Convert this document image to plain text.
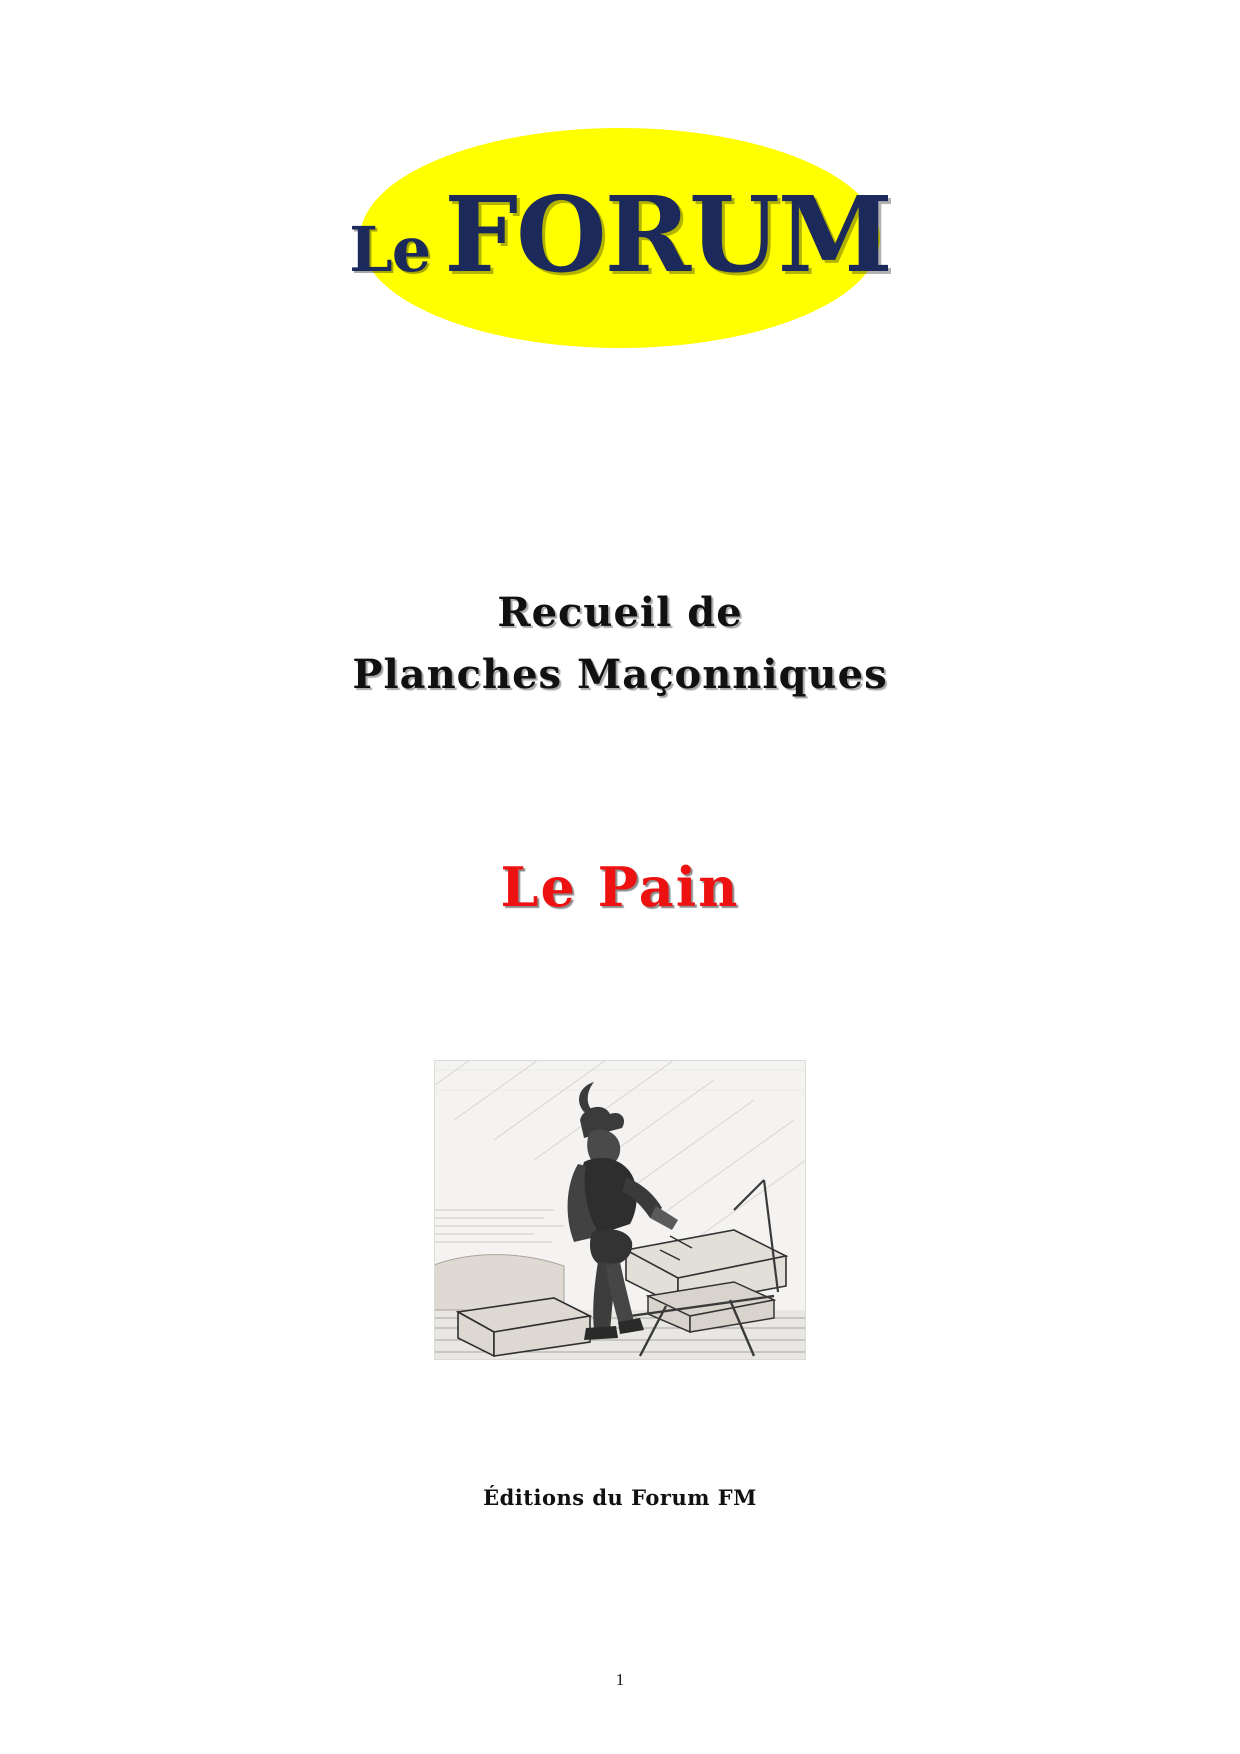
Le FORUM
Recueil de
Planches Maçonniques
Le Pain
Éditions du Forum FM
1
